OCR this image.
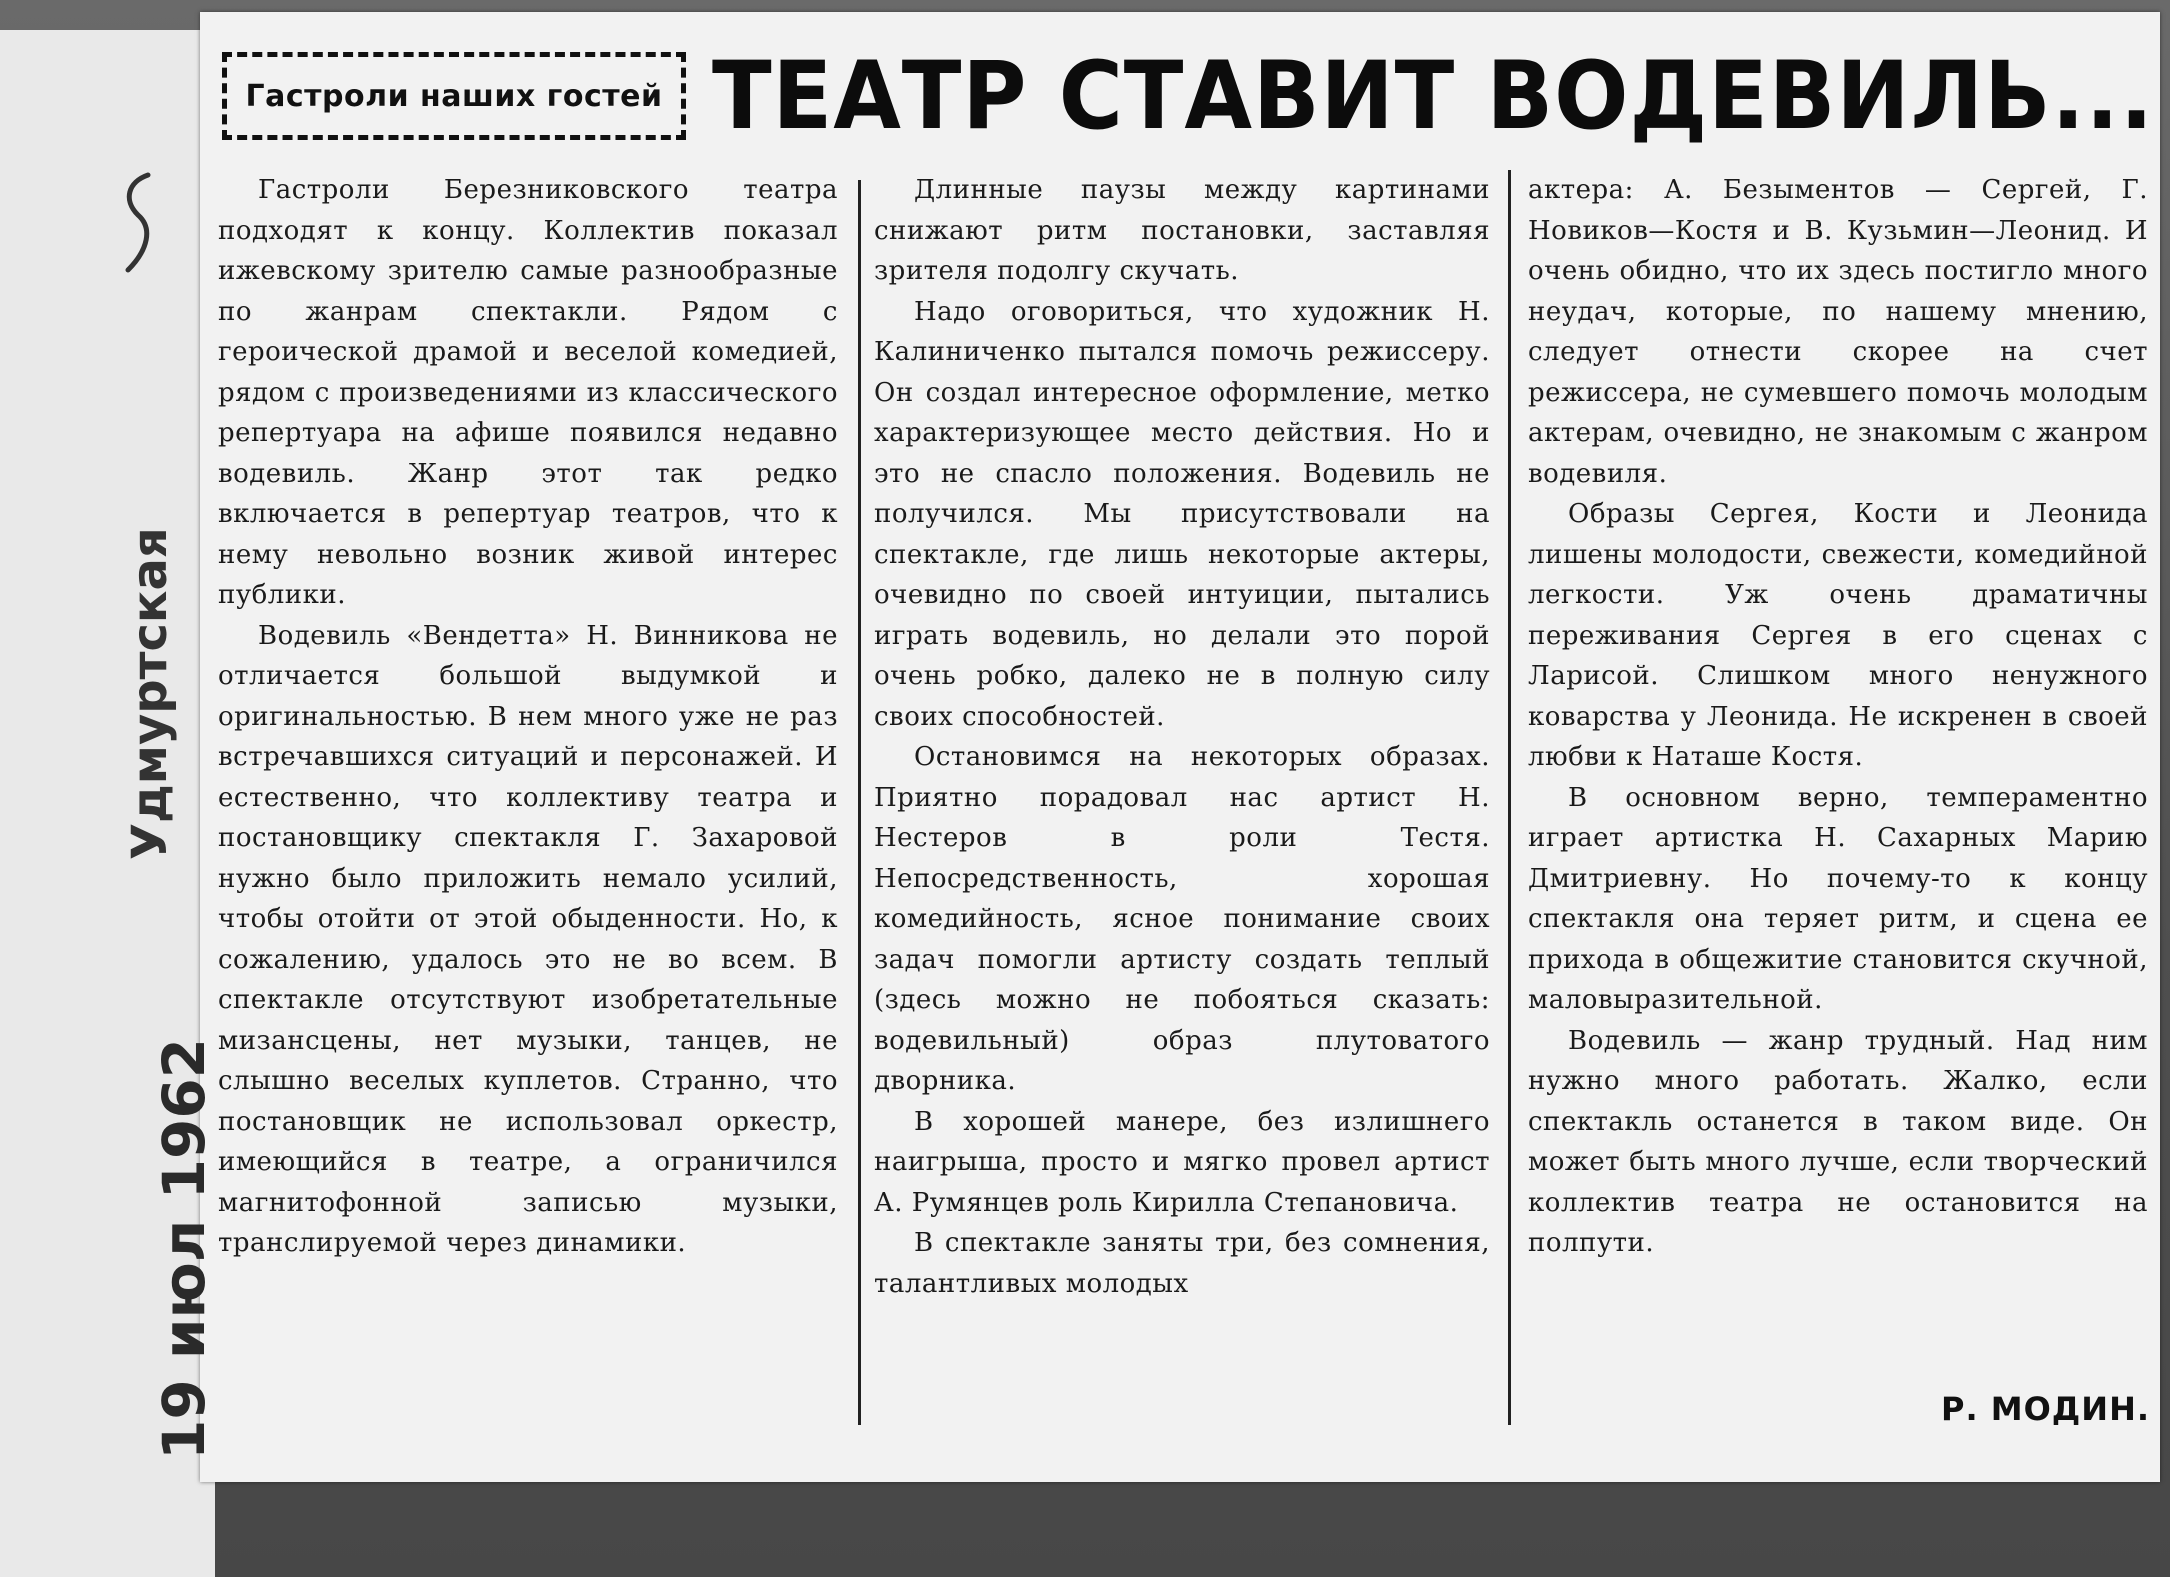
Удмуртская
19 июл 1962
Гастроли наших гостей ТЕАТР СТАВИТ ВОДЕВИЛЬ...

Гастроли Березниковского театра подходят к концу. Коллектив показал ижевскому зрителю самые разнообразные по жанрам спектакли. Рядом с героической драмой и веселой комедией, рядом с произведениями из классического репертуара на афише появился недавно водевиль. Жанр этот так редко включается в репертуар театров, что к нему невольно возник живой интерес публики.

Водевиль «Вендетта» Н. Винникова не отличается большой выдумкой и оригинальностью. В нем много уже не раз встречавшихся ситуаций и персонажей. И естественно, что коллективу театра и постановщику спектакля Г. Захаровой нужно было приложить немало усилий, чтобы отойти от этой обыденности. Но, к сожалению, удалось это не во всем. В спектакле отсутствуют изобретательные мизансцены, нет музыки, танцев, не слышно веселых куплетов. Странно, что постановщик не использовал оркестр, имеющийся в театре, а ограничился магнитофонной записью музыки, транслируемой через динамики.

Длинные паузы между картинами снижают ритм постановки, заставляя зрителя подолгу скучать.

Надо оговориться, что художник Н. Калиниченко пытался помочь режиссеру. Он создал интересное оформление, метко характеризующее место действия. Но и это не спасло положения. Водевиль не получился. Мы присутствовали на спектакле, где лишь некоторые актеры, очевидно по своей интуиции, пытались играть водевиль, но делали это порой очень робко, далеко не в полную силу своих способностей.

Остановимся на некоторых образах. Приятно порадовал нас артист Н. Нестеров в роли Тестя. Непосредственность, хорошая комедийность, ясное понимание своих задач помогли артисту создать теплый (здесь можно не побояться сказать: водевильный) образ плутоватого дворника.

В хорошей манере, без излишнего наигрыша, просто и мягко провел артист А. Румянцев роль Кирилла Степановича.

В спектакле заняты три, без сомнения, талантливых молодых

актера: А. Безыментов — Сергей, Г. Новиков—Костя и В. Кузьмин—Леонид. И очень обидно, что их здесь постигло много неудач, которые, по нашему мнению, следует отнести скорее на счет режиссера, не сумевшего помочь молодым актерам, очевидно, не знакомым с жанром водевиля.

Образы Сергея, Кости и Леонида лишены молодости, свежести, комедийной легкости. Уж очень драматичны переживания Сергея в его сценах с Ларисой. Слишком много ненужного коварства у Леонида. Не искренен в своей любви к Наташе Костя.

В основном верно, темпераментно играет артистка Н. Сахарных Марию Дмитриевну. Но почему-то к концу спектакля она теряет ритм, и сцена ее прихода в общежитие становится скучной, маловыразительной.

Водевиль — жанр трудный. Над ним нужно много работать. Жалко, если спектакль останется в таком виде. Он может быть много лучше, если творческий коллектив театра не остановится на полпути.

Р. МОДИН.
